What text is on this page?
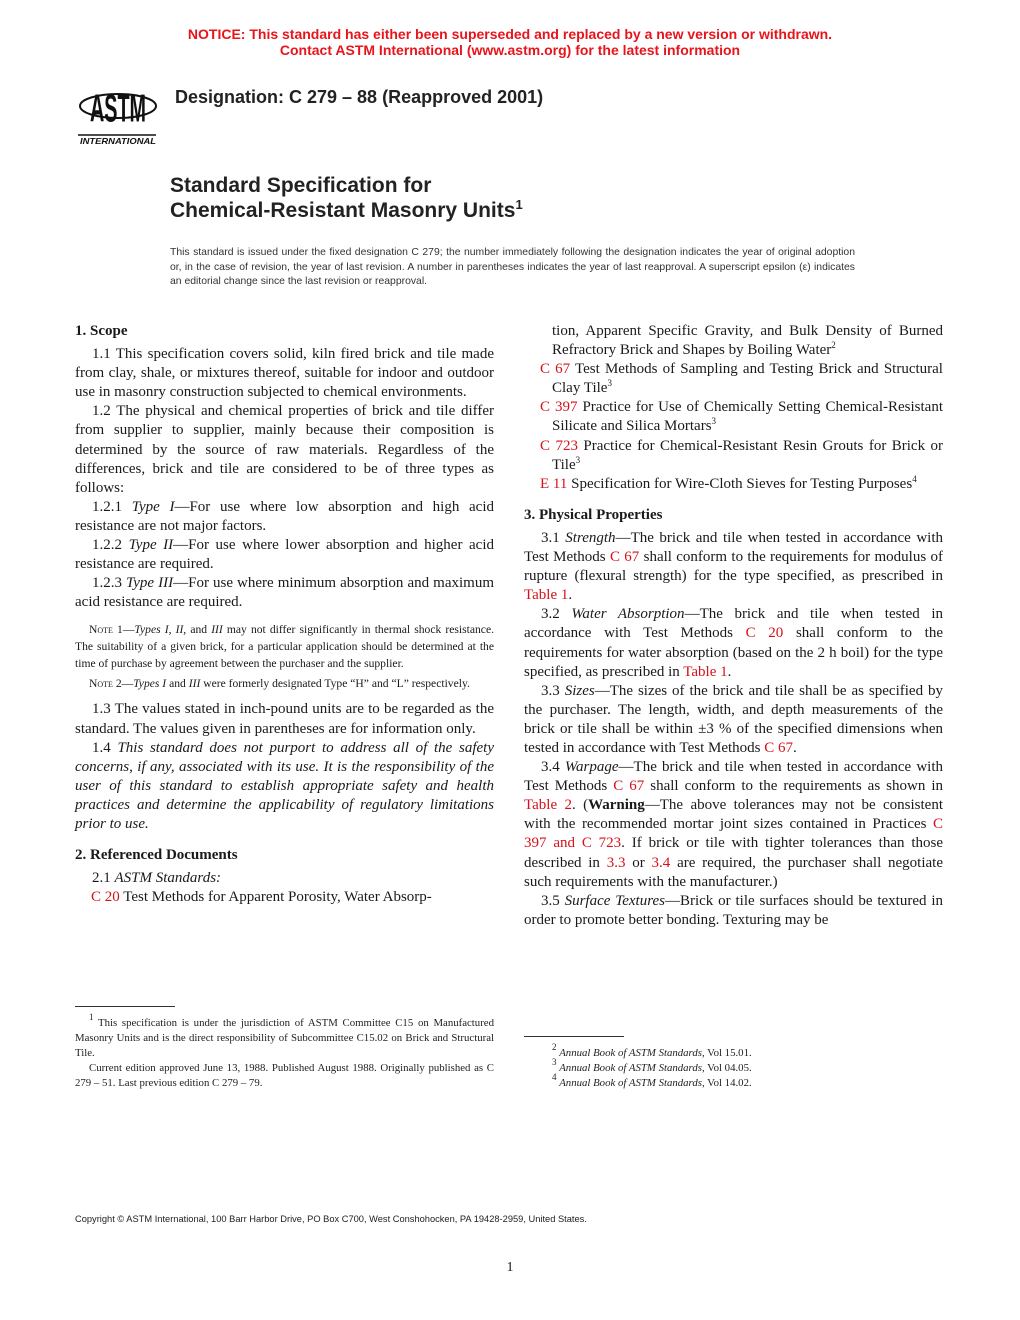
NOTICE: This standard has either been superseded and replaced by a new version or withdrawn.
Contact ASTM International (www.astm.org) for the latest information
ASTM
INTERNATIONAL
Designation: C 279 – 88 (Reapproved 2001)
Standard Specification for
Chemical-Resistant Masonry Units$^1$
This standard is issued under the fixed designation C 279; the number immediately following the designation indicates the year of original adoption or, in the case of revision, the year of last revision. A number in parentheses indicates the year of last reapproval. A superscript epsilon (ε) indicates an editorial change since the last revision or reapproval.
1. Scope
1.1 This specification covers solid, kiln fired brick and tile made from clay, shale, or mixtures thereof, suitable for indoor and outdoor use in masonry construction subjected to chemical environments.
1.2 The physical and chemical properties of brick and tile differ from supplier to supplier, mainly because their composition is determined by the source of raw materials. Regardless of the differences, brick and tile are considered to be of three types as follows:
1.2.1 Type I—For use where low absorption and high acid resistance are not major factors.
1.2.2 Type II—For use where lower absorption and higher acid resistance are required.
1.2.3 Type III—For use where minimum absorption and maximum acid resistance are required.
Note 1—Types I, II, and III may not differ significantly in thermal shock resistance. The suitability of a given brick, for a particular application should be determined at the time of purchase by agreement between the purchaser and the supplier.
Note 2—Types I and III were formerly designated Type “H” and “L” respectively.
1.3 The values stated in inch-pound units are to be regarded as the standard. The values given in parentheses are for information only.
1.4 This standard does not purport to address all of the safety concerns, if any, associated with its use. It is the responsibility of the user of this standard to establish appropriate safety and health practices and determine the applicability of regulatory limitations prior to use.
2. Referenced Documents
2.1 ASTM Standards:
C 20 Test Methods for Apparent Porosity, Water Absorp-
tion, Apparent Specific Gravity, and Bulk Density of Burned Refractory Brick and Shapes by Boiling Water$^2$
C 67 Test Methods of Sampling and Testing Brick and Structural Clay Tile$^3$
C 397 Practice for Use of Chemically Setting Chemical-Resistant Silicate and Silica Mortars$^3$
C 723 Practice for Chemical-Resistant Resin Grouts for Brick or Tile$^3$
E 11 Specification for Wire-Cloth Sieves for Testing Purposes$^4$
3. Physical Properties
3.1 Strength—The brick and tile when tested in accordance with Test Methods C 67 shall conform to the requirements for modulus of rupture (flexural strength) for the type specified, as prescribed in Table 1.
3.2 Water Absorption—The brick and tile when tested in accordance with Test Methods C 20 shall conform to the requirements for water absorption (based on the 2 h boil) for the type specified, as prescribed in Table 1.
3.3 Sizes—The sizes of the brick and tile shall be as specified by the purchaser. The length, width, and depth measurements of the brick or tile shall be within ±3 % of the specified dimensions when tested in accordance with Test Methods C 67.
3.4 Warpage—The brick and tile when tested in accordance with Test Methods C 67 shall conform to the requirements as shown in Table 2. (Warning—The above tolerances may not be consistent with the recommended mortar joint sizes contained in Practices C 397 and C 723. If brick or tile with tighter tolerances than those described in 3.3 or 3.4 are required, the purchaser shall negotiate such requirements with the manufacturer.)
3.5 Surface Textures—Brick or tile surfaces should be textured in order to promote better bonding. Texturing may be
$^1$ This specification is under the jurisdiction of ASTM Committee C15 on Manufactured Masonry Units and is the direct responsibility of Subcommittee C15.02 on Brick and Structural Tile.
Current edition approved June 13, 1988. Published August 1988. Originally published as C 279 – 51. Last previous edition C 279 – 79.
$^2$ Annual Book of ASTM Standards, Vol 15.01.
$^3$ Annual Book of ASTM Standards, Vol 04.05.
$^4$ Annual Book of ASTM Standards, Vol 14.02.
Copyright © ASTM International, 100 Barr Harbor Drive, PO Box C700, West Conshohocken, PA 19428-2959, United States.
1
